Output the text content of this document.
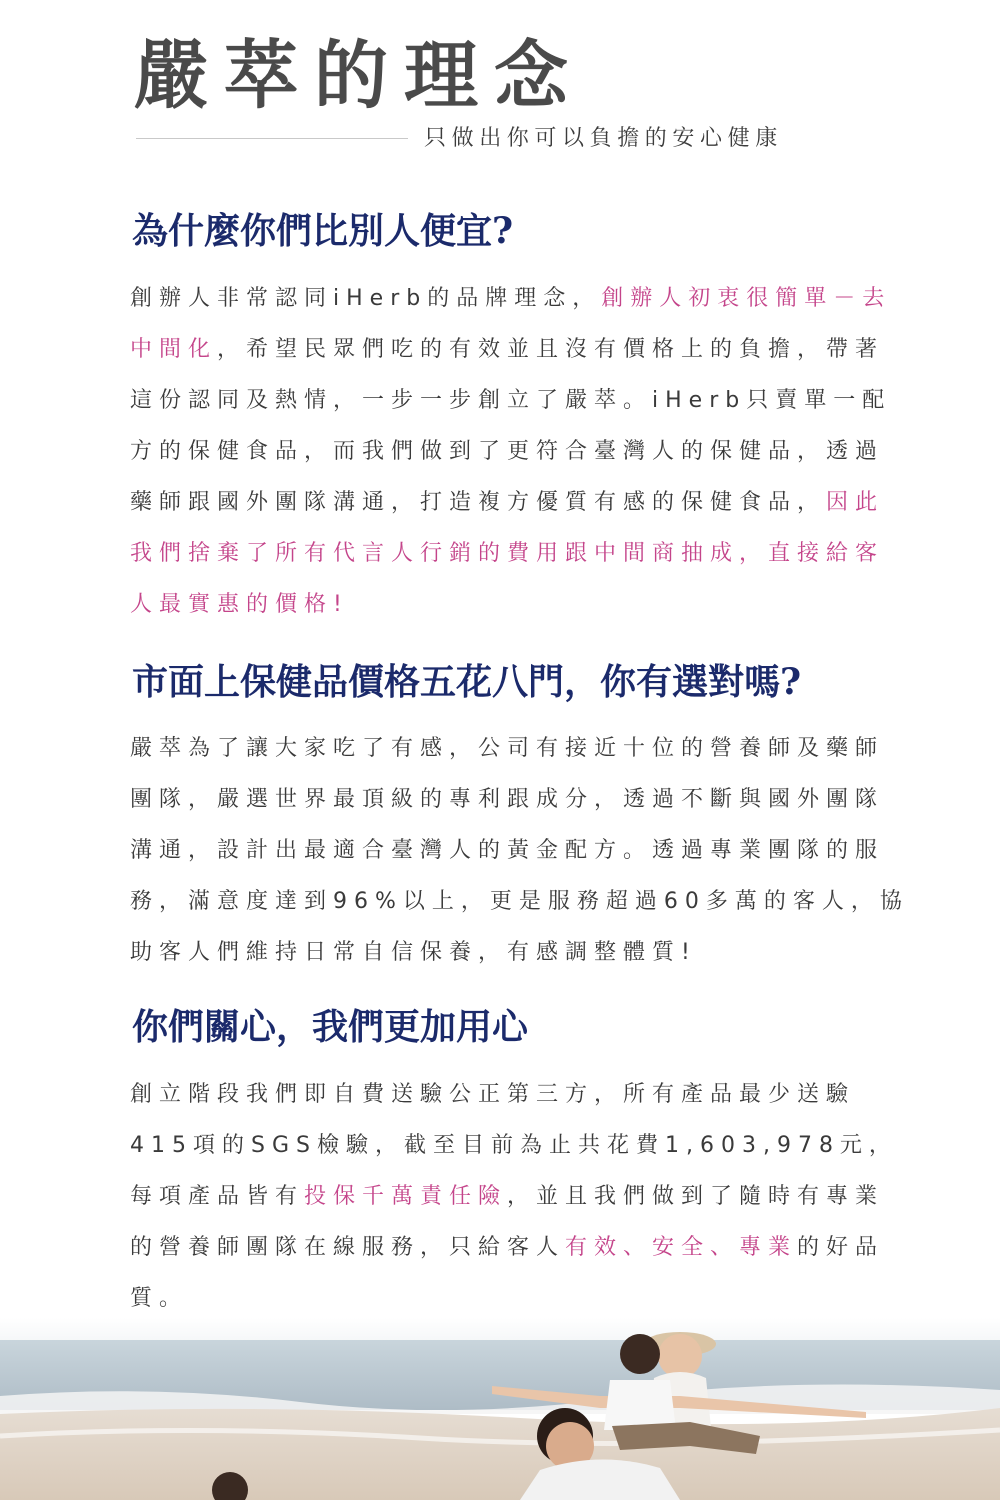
嚴萃的理念
只做出你可以負擔的安心健康
為什麼你們比別人便宜?

創辦人非常認同iHerb的品牌理念，創辦人初衷很簡單－去中間化，希望民眾們吃的有效並且沒有價格上的負擔，帶著這份認同及熱情，一步一步創立了嚴萃。iHerb只賣單一配方的保健食品，而我們做到了更符合臺灣人的保健品，透過藥師跟國外團隊溝通，打造複方優質有感的保健食品，因此我們捨棄了所有代言人行銷的費用跟中間商抽成，直接給客人最實惠的價格!

市面上保健品價格五花八門，你有選對嗎?

嚴萃為了讓大家吃了有感，公司有接近十位的營養師及藥師團隊，嚴選世界最頂級的專利跟成分，透過不斷與國外團隊溝通，設計出最適合臺灣人的黃金配方。透過專業團隊的服務，滿意度達到96%以上，更是服務超過60多萬的客人，協助客人們維持日常自信保養，有感調整體質!

你們關心，我們更加用心

創立階段我們即自費送驗公正第三方，所有產品最少送驗415項的SGS檢驗，截至目前為止共花費1,603,978元，每項產品皆有投保千萬責任險，並且我們做到了隨時有專業的營養師團隊在線服務，只給客人有效、安全、專業的好品質。
